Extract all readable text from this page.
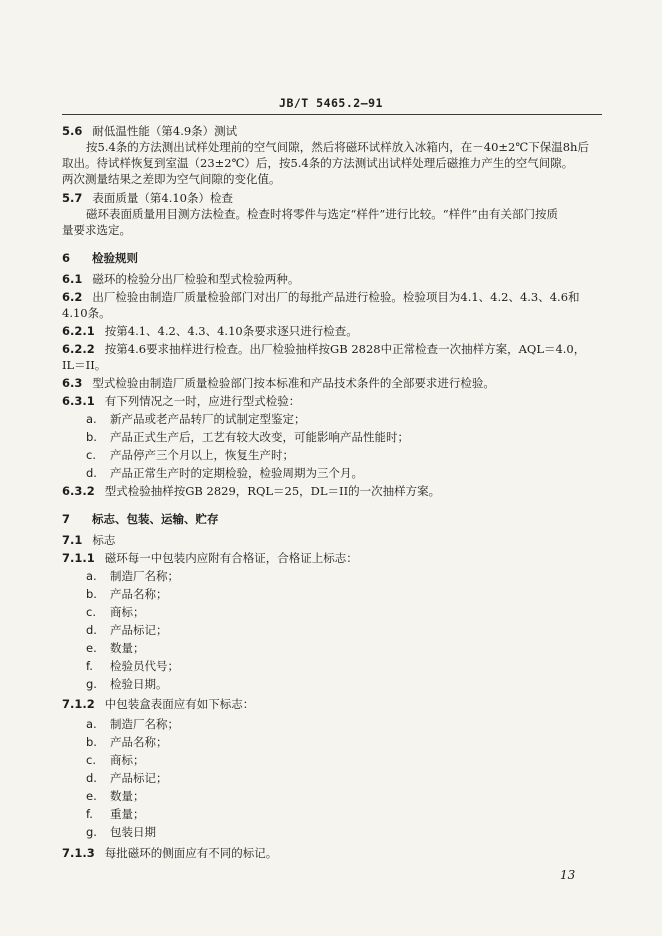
JB/T 5465.2—91
5.6 耐低温性能（第4.9条）测试
按5.4条的方法测出试样处理前的空气间隙，然后将磁环试样放入冰箱内，在－40±2℃下保温8h后
取出。待试样恢复到室温（23±2℃）后，按5.4条的方法测试出试样处理后磁推力产生的空气间隙。
两次测量结果之差即为空气间隙的变化值。
5.7 表面质量（第4.10条）检查
磁环表面质量用目测方法检查。检查时将零件与选定“样件”进行比较。“样件”由有关部门按质
量要求选定。
6 检验规则
6.1 磁环的检验分出厂检验和型式检验两种。
6.2 出厂检验由制造厂质量检验部门对出厂的每批产品进行检验。检验项目为4.1、4.2、4.3、4.6和
4.10条。
6.2.1 按第4.1、4.2、4.3、4.10条要求逐只进行检查。
6.2.2 按第4.6要求抽样进行检查。出厂检验抽样按GB 2828中正常检查一次抽样方案，AQL＝4.0，
IL＝II。
6.3 型式检验由制造厂质量检验部门按本标准和产品技术条件的全部要求进行检验。
6.3.1 有下列情况之一时，应进行型式检验：
a. 新产品或老产品转厂的试制定型鉴定；
b. 产品正式生产后，工艺有较大改变，可能影响产品性能时；
c. 产品停产三个月以上，恢复生产时；
d. 产品正常生产时的定期检验，检验周期为三个月。
6.3.2 型式检验抽样按GB 2829，RQL＝25，DL＝II的一次抽样方案。
7 标志、包装、运输、贮存
7.1 标志
7.1.1 磁环每一中包装内应附有合格证，合格证上标志：
a. 制造厂名称；
b. 产品名称；
c. 商标；
d. 产品标记；
e. 数量；
f. 检验员代号；
g. 检验日期。
7.1.2 中包装盒表面应有如下标志：
a. 制造厂名称；
b. 产品名称；
c. 商标；
d. 产品标记；
e. 数量；
f. 重量；
g. 包装日期
7.1.3 每批磁环的侧面应有不同的标记。
13
